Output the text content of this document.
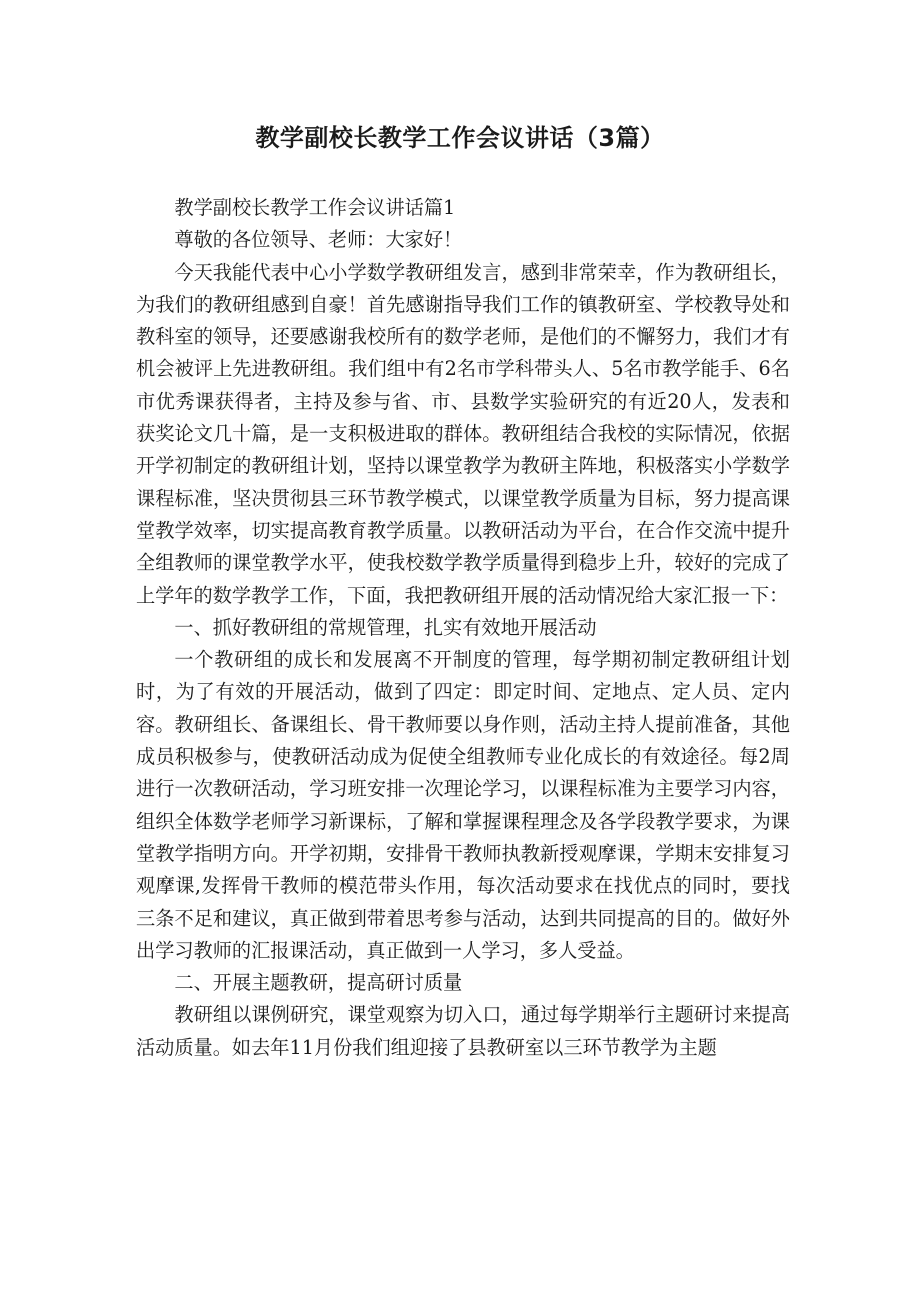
教学副校长教学工作会议讲话（3篇）

教学副校长教学工作会议讲话篇1

尊敬的各位领导、老师：大家好！

今天我能代表中心小学数学教研组发言，感到非常荣幸，作为教研组长，为我们的教研组感到自豪！首先感谢指导我们工作的镇教研室、学校教导处和教科室的领导，还要感谢我校所有的数学老师，是他们的不懈努力，我们才有机会被评上先进教研组。我们组中有2名市学科带头人、5名市教学能手、6名市优秀课获得者，主持及参与省、市、县数学实验研究的有近20人，发表和获奖论文几十篇，是一支积极进取的群体。教研组结合我校的实际情况，依据开学初制定的教研组计划，坚持以课堂教学为教研主阵地，积极落实小学数学课程标准，坚决贯彻县三环节教学模式，以课堂教学质量为目标，努力提高课堂教学效率，切实提高教育教学质量。以教研活动为平台，在合作交流中提升全组教师的课堂教学水平，使我校数学教学质量得到稳步上升，较好的完成了上学年的数学教学工作，下面，我把教研组开展的活动情况给大家汇报一下：

一、抓好教研组的常规管理，扎实有效地开展活动

一个教研组的成长和发展离不开制度的管理，每学期初制定教研组计划时，为了有效的开展活动，做到了四定：即定时间、定地点、定人员、定内容。教研组长、备课组长、骨干教师要以身作则，活动主持人提前准备，其他成员积极参与，使教研活动成为促使全组教师专业化成长的有效途径。每2周进行一次教研活动，学习班安排一次理论学习，以课程标准为主要学习内容，组织全体数学老师学习新课标，了解和掌握课程理念及各学段教学要求，为课堂教学指明方向。开学初期，安排骨干教师执教新授观摩课，学期末安排复习观摩课,发挥骨干教师的模范带头作用，每次活动要求在找优点的同时，要找三条不足和建议，真正做到带着思考参与活动，达到共同提高的目的。做好外出学习教师的汇报课活动，真正做到一人学习，多人受益。

二、开展主题教研，提高研讨质量

教研组以课例研究，课堂观察为切入口，通过每学期举行主题研讨来提高活动质量。如去年11月份我们组迎接了县教研室以三环节教学为主题
